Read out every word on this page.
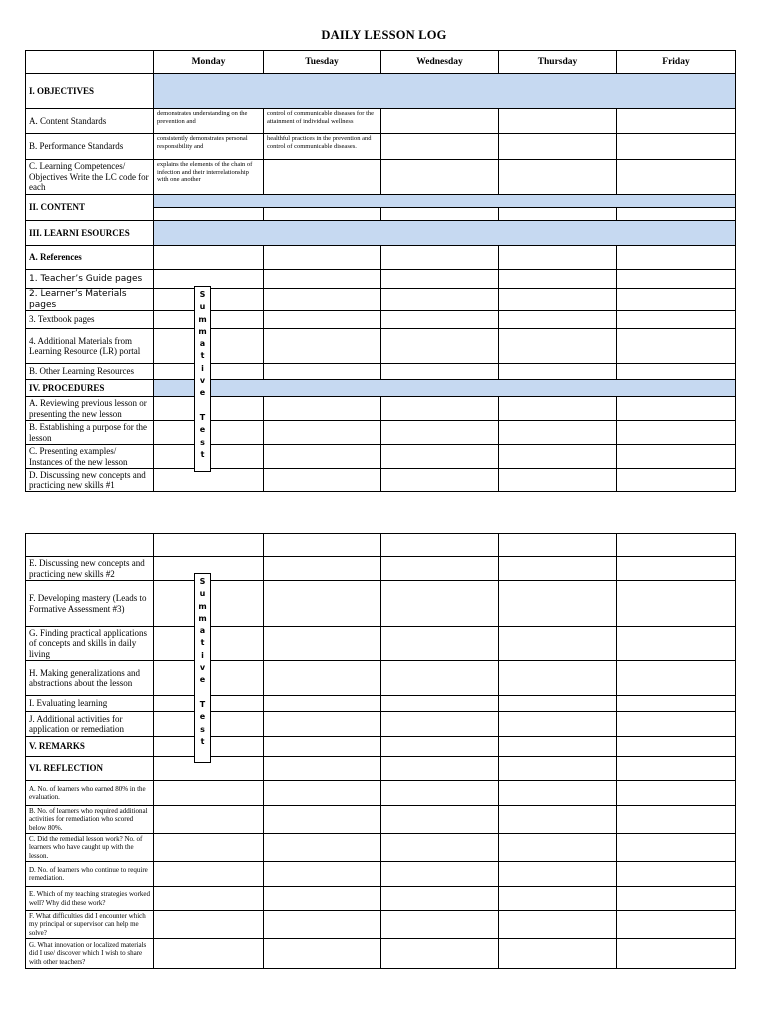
DAILY LESSON LOG
	Monday	Tuesday	Wednesday	Thursday	Friday
I. OBJECTIVES					
A. Content Standards	demonstrates understanding on the prevention and	control of communicable diseases for the attainment of individual wellness			
B. Performance Standards	consistently demonstrates personal responsibility and	healthful practices in the prevention and control of communicable diseases.			
C. Learning Competences/ Objectives Write the LC code for each	explains the elements of the chain of infection and their interrelationship with one another				
II. CONTENT					

III. LEARNI ESOURCES					
A. References					
1. Teacher’s Guide pages					
2. Learner’s Materials pages					
3. Textbook pages					
4. Additional Materials from Learning Resource (LR) portal					
B. Other Learning Resources					
IV. PROCEDURES					
A. Reviewing previous lesson or presenting the new lesson					
B. Establishing a purpose for the lesson					
C. Presenting examples/ Instances of the new lesson					
D. Discussing new concepts and practicing new skills #1					

E. Discussing new concepts and practicing new skills #2					
F. Developing mastery (Leads to Formative Assessment #3)					
G. Finding practical applications of concepts and skills in daily living					
H. Making generalizations and abstractions about the lesson					
I. Evaluating learning					
J. Additional activities for application or remediation					
V. REMARKS					
VI. REFLECTION					
A. No. of learners who earned 80% in the evaluation.					
B. No. of learners who required additional activities for remediation who scored below 80%.					
C. Did the remedial lesson work? No. of learners who have caught up with the lesson.					
D. No. of learners who continue to require remediation.					
E. Which of my teaching strategies worked well? Why did these work?					
F. What difficulties did I encounter which my principal or supervisor can help me solve?					
G. What innovation or localized materials did I use/ discover which I wish to share with other teachers?					
S
u
m
m
a
t
i
v
e

T
e
s
t
S
u
m
m
a
t
i
v
e

T
e
s
t
